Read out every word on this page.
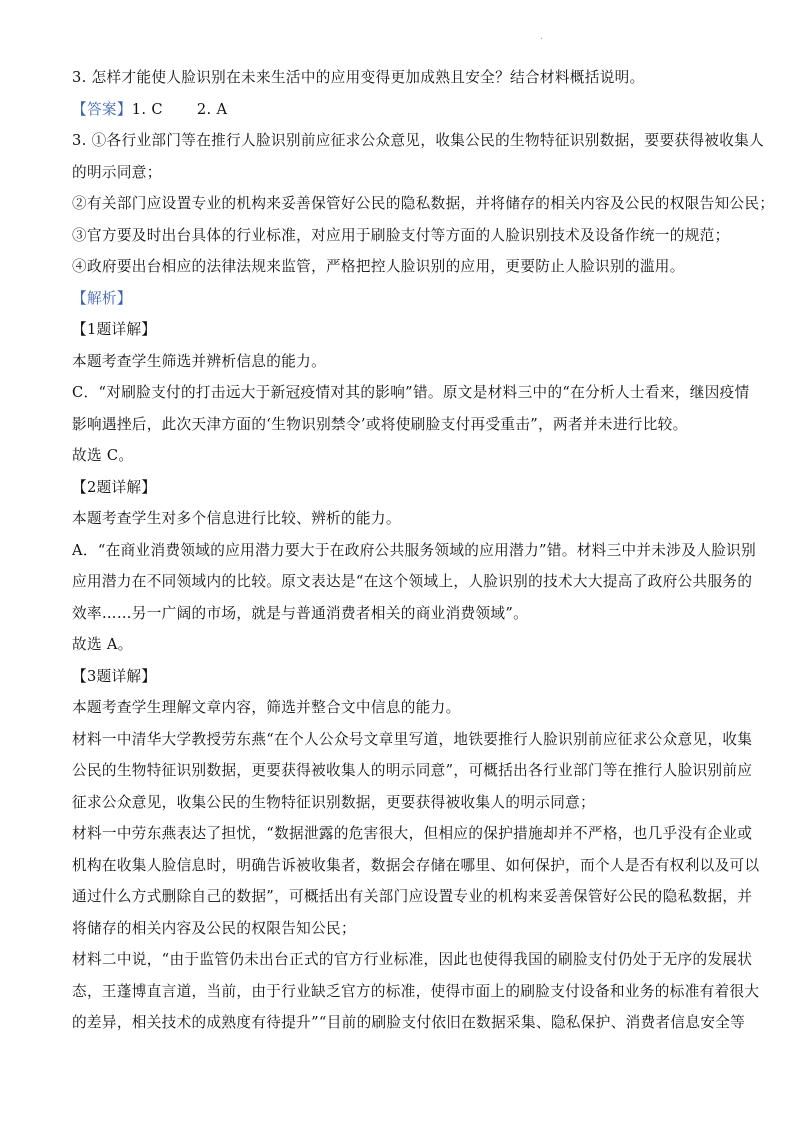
.
3. 怎样才能使人脸识别在未来生活中的应用变得更加成熟且安全？结合材料概括说明。
【答案】1. C 2. A
3. ①各行业部门等在推行人脸识别前应征求公众意见，收集公民的生物特征识别数据，要要获得被收集人
的明示同意；
②有关部门应设置专业的机构来妥善保管好公民的隐私数据，并将储存的相关内容及公民的权限告知公民；
③官方要及时出台具体的行业标准，对应用于刷脸支付等方面的人脸识别技术及设备作统一的规范；
④政府要出台相应的法律法规来监管，严格把控人脸识别的应用，更要防止人脸识别的滥用。
【解析】
【1题详解】
本题考查学生筛选并辨析信息的能力。
C．“对刷脸支付的打击远大于新冠疫情对其的影响”错。原文是材料三中的“在分析人士看来，继因疫情
影响遇挫后，此次天津方面的‘生物识别禁令’或将使刷脸支付再受重击”，两者并未进行比较。
故选 C。
【2题详解】
本题考查学生对多个信息进行比较、辨析的能力。
A．“在商业消费领域的应用潜力要大于在政府公共服务领域的应用潜力”错。材料三中并未涉及人脸识别
应用潜力在不同领域内的比较。原文表达是“在这个领域上，人脸识别的技术大大提高了政府公共服务的
效率……另一广阔的市场，就是与普通消费者相关的商业消费领域”。
故选 A。
【3题详解】
本题考查学生理解文章内容，筛选并整合文中信息的能力。
材料一中清华大学教授劳东燕“在个人公众号文章里写道，地铁要推行人脸识别前应征求公众意见，收集
公民的生物特征识别数据，更要获得被收集人的明示同意”，可概括出各行业部门等在推行人脸识别前应
征求公众意见，收集公民的生物特征识别数据，更要获得被收集人的明示同意；
材料一中劳东燕表达了担忧，“数据泄露的危害很大，但相应的保护措施却并不严格，也几乎没有企业或
机构在收集人脸信息时，明确告诉被收集者，数据会存储在哪里、如何保护，而个人是否有权利以及可以
通过什么方式删除自己的数据”，可概括出有关部门应设置专业的机构来妥善保管好公民的隐私数据，并
将储存的相关内容及公民的权限告知公民；
材料二中说，“由于监管仍未出台正式的官方行业标准，因此也使得我国的刷脸支付仍处于无序的发展状
态，王蓬博直言道，当前，由于行业缺乏官方的标准，使得市面上的刷脸支付设备和业务的标准有着很大
的差异，相关技术的成熟度有待提升”“目前的刷脸支付依旧在数据采集、隐私保护、消费者信息安全等
